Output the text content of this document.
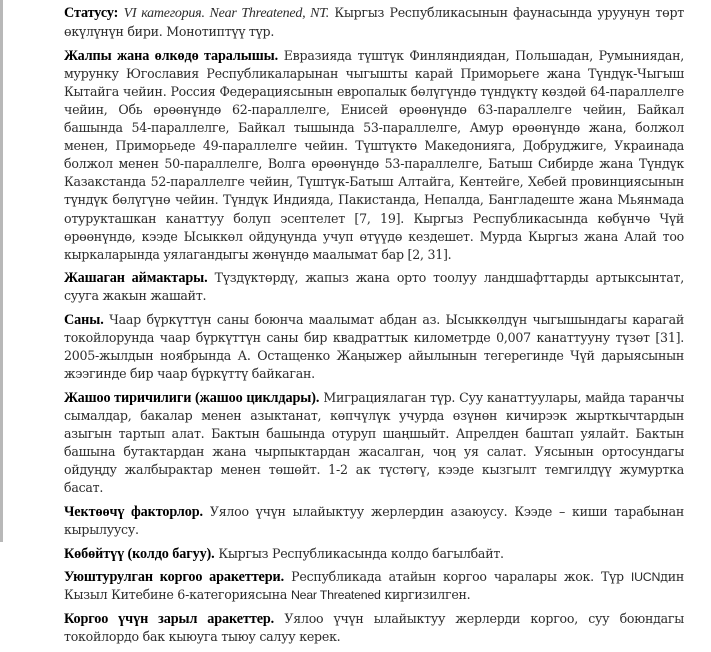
Статусу: VI категория. Near Threatened, NT. Кыргыз Республикасынын фаунасында уруунун төрт өкүлүнүн бири. Монотиптүү түр.

Жалпы жана өлкөдө таралышы. Евразияда түштүк Финляндиядан, Польшадан, Румыниядан, мурунку Югославия Республикаларынан чыгышты карай Приморьеге жана Түндүк-Чыгыш Кытайга чейин. Россия Федерациясынын европалык бөлүгүндө түндүктү көздөй 64-параллелге чейин, Обь өрөөнүндө 62-параллелге, Енисей өрөөнүндө 63-параллелге чейин, Байкал башында 54-параллелге, Байкал тышында 53-параллелге, Амур өрөөнүндө жана, болжол менен, Приморьеде 49-параллелге чейин. Түштүктө Македонияга, Добруджиге, Украинада болжол менен 50-параллелге, Волга өрөөнүндө 53-параллелге, Батыш Сибирде жана Түндүк Казакстанда 52-параллелге чейин, Түштүк-Батыш Алтайга, Кентейге, Хебей провинциясынын түндүк бөлүгүнө чейин. Түндүк Индияда, Пакистанда, Непалда, Бангладеште жана Мьянмада отурукташкан канаттуу болуп эсептелет [7, 19]. Кыргыз Республикасында көбүнчө Чүй өрөөнүндө, кээде Ысыккөл ойдуңунда учуп өтүүдө кездешет. Мурда Кыргыз жана Алай тоо кыркаларында уялагандыгы жөнүндө маалымат бар [2, 31].

Жашаган аймактары. Түздүктөрдү, жапыз жана орто тоолуу ландшафттарды артыксынтат, сууга жакын жашайт.

Саны. Чаар бүркүттүн саны боюнча маалымат абдан аз. Ысыккөлдүн чыгышындагы карагай токойлорунда чаар бүркүттүн саны бир квадраттык километрде 0,007 канаттууну түзөт [31]. 2005-жылдын ноябрында А. Остащенко Жаңыжер айылынын тегерегинде Чүй дарыясынын жээгинде бир чаар бүркүттү байкаган.

Жашоо тиричилиги (жашоо циклдары). Миграциялаган түр. Суу канаттуулары, майда таранчы сымалдар, бакалар менен азыктанат, көпчүлүк учурда өзүнөн кичирээк жырткычтардын азыгын тартып алат. Бактын башында отуруп шаңшыйт. Апрелден баштап уялайт. Бактын башына бутактардан жана чырпыктардан жасалган, чоң уя салат. Уясынын ортосундагы ойдуңду жалбырактар менен төшөйт. 1-2 ак түстөгү, кээде кызгылт темгилдүү жумуртка басат.

Чектөөчү факторлор. Уялоо үчүн ылайыктуу жерлердин азаюусу. Кээде – киши тарабынан кырылуусу.

Көбөйтүү (колдо багуу). Кыргыз Республикасында колдо багылбайт.

Уюштурулган коргоо аракеттери. Республикада атайын коргоо чаралары жок. Түр IUCNдин Кызыл Китебине 6-категориясына Near Threatened киргизилген.

Коргоо үчүн зарыл аракеттер. Уялоо үчүн ылайыктуу жерлерди коргоо, суу боюндагы токойлордо бак кыюуга тыюу салуу керек.
